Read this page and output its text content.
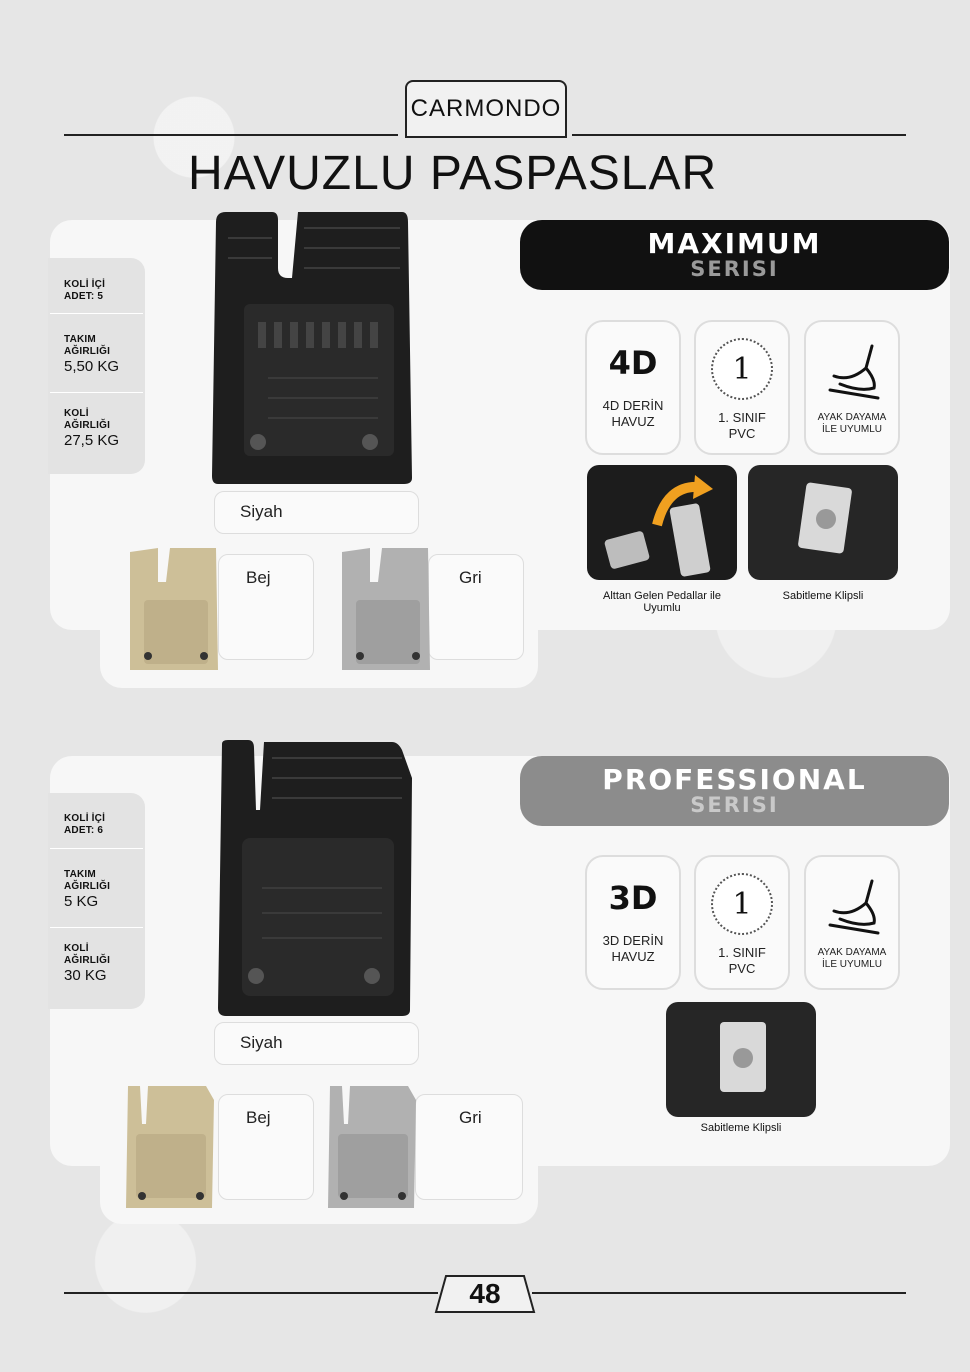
CARMONDO
HAVUZLU PASPASLAR
KOLİ İÇİ ADET: 5
TAKIM AĞIRLIĞI
5,50 KG
KOLİ AĞIRLIĞI
27,5 KG
Siyah
Bej	Gri
MAXIMUM
SERISI
4D
4D DERİN HAVUZ
1
1. SINIF PVC
AYAK DAYAMA İLE UYUMLU
Alttan Gelen Pedallar ile Uyumlu
Sabitleme Klipsli
KOLİ İÇİ ADET: 6
TAKIM AĞIRLIĞI
5 KG
KOLİ AĞIRLIĞI
30 KG
Siyah
Bej	Gri
PROFESSIONAL
SERISI
3D
3D DERİN HAVUZ
1
1. SINIF PVC
AYAK DAYAMA İLE UYUMLU
Sabitleme Klipsli
48
